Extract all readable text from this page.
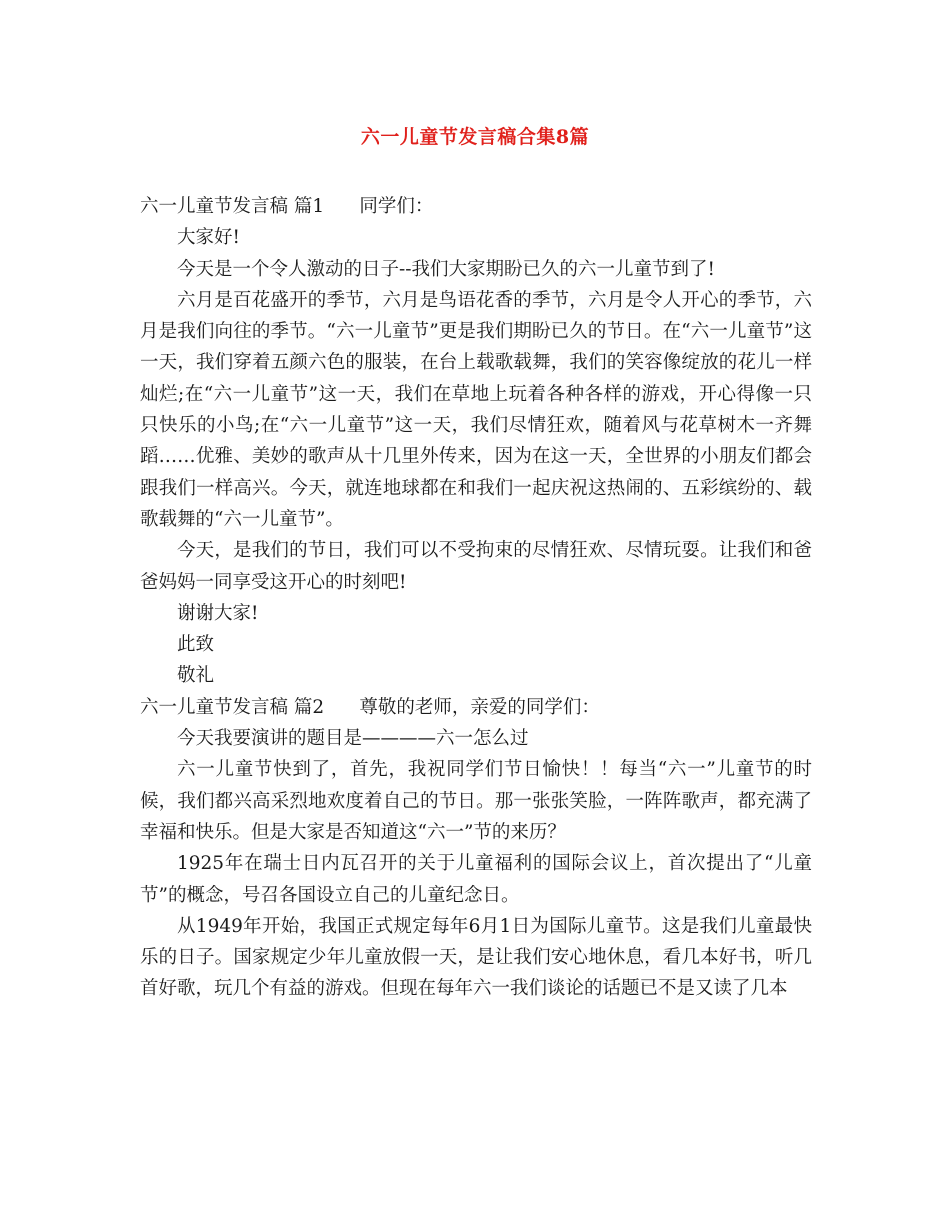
六一儿童节发言稿合集8篇
六一儿童节发言稿 篇1      同学们：

大家好!

今天是一个令人激动的日子--我们大家期盼已久的六一儿童节到了!

六月是百花盛开的季节，六月是鸟语花香的季节，六月是令人开心的季节，六月是我们向往的季节。“六一儿童节”更是我们期盼已久的节日。在“六一儿童节”这一天，我们穿着五颜六色的服装，在台上载歌载舞，我们的笑容像绽放的花儿一样灿烂;在“六一儿童节”这一天，我们在草地上玩着各种各样的游戏，开心得像一只只快乐的小鸟;在“六一儿童节”这一天，我们尽情狂欢，随着风与花草树木一齐舞蹈……优雅、美妙的歌声从十几里外传来，因为在这一天，全世界的小朋友们都会跟我们一样高兴。今天，就连地球都在和我们一起庆祝这热闹的、五彩缤纷的、载歌载舞的“六一儿童节”。

今天，是我们的节日，我们可以不受拘束的尽情狂欢、尽情玩耍。让我们和爸爸妈妈一同享受这开心的时刻吧!

谢谢大家!

此致

敬礼

六一儿童节发言稿 篇2      尊敬的老师，亲爱的同学们：

今天我要演讲的题目是————六一怎么过

六一儿童节快到了，首先，我祝同学们节日愉快！！每当“六一”儿童节的时候，我们都兴高采烈地欢度着自己的节日。那一张张笑脸，一阵阵歌声，都充满了幸福和快乐。但是大家是否知道这“六一”节的来历？

1925年在瑞士日内瓦召开的关于儿童福利的国际会议上，首次提出了“儿童节”的概念，号召各国设立自己的儿童纪念日。

从1949年开始，我国正式规定每年6月1日为国际儿童节。这是我们儿童最快乐的日子。国家规定少年儿童放假一天，是让我们安心地休息，看几本好书，听几首好歌，玩几个有益的游戏。但现在每年六一我们谈论的话题已不是又读了几本
